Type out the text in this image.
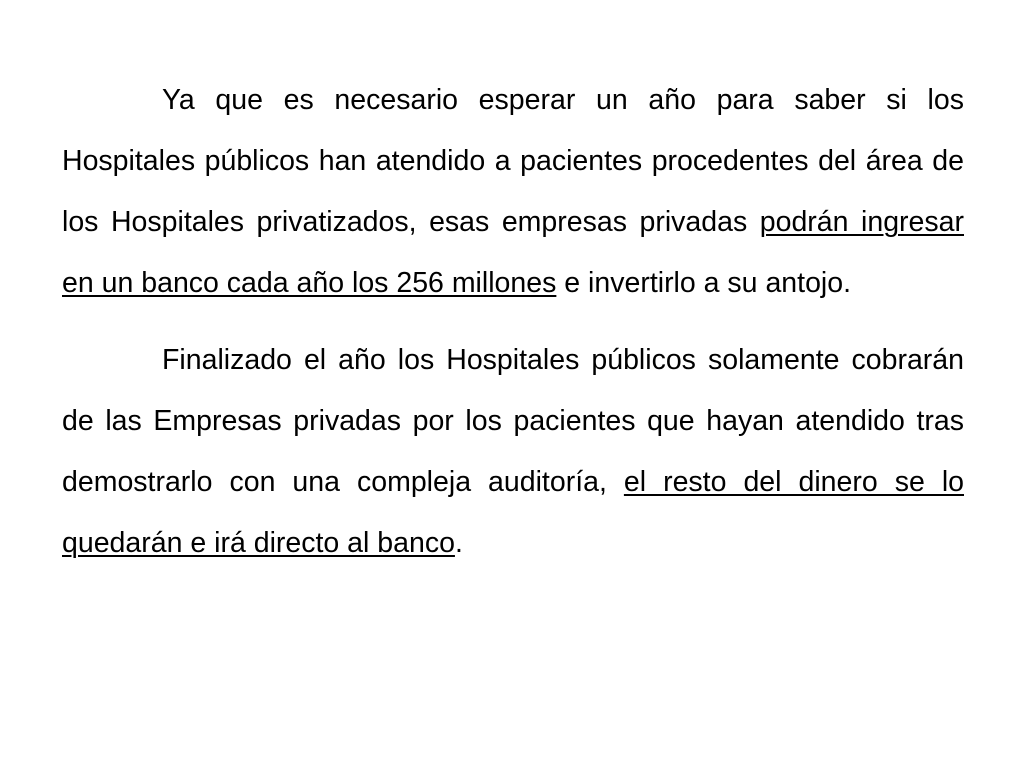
Ya que es necesario esperar un año para saber si los Hospitales públicos han atendido a pacientes procedentes del área de los Hospitales privatizados, esas empresas privadas podrán ingresar en un banco cada año los 256 millones e invertirlo a su antojo.

Finalizado el año los Hospitales públicos solamente cobrarán de las Empresas privadas por los pacientes que hayan atendido tras demostrarlo con una compleja auditoría, el resto del dinero se lo quedarán e irá directo al banco.
